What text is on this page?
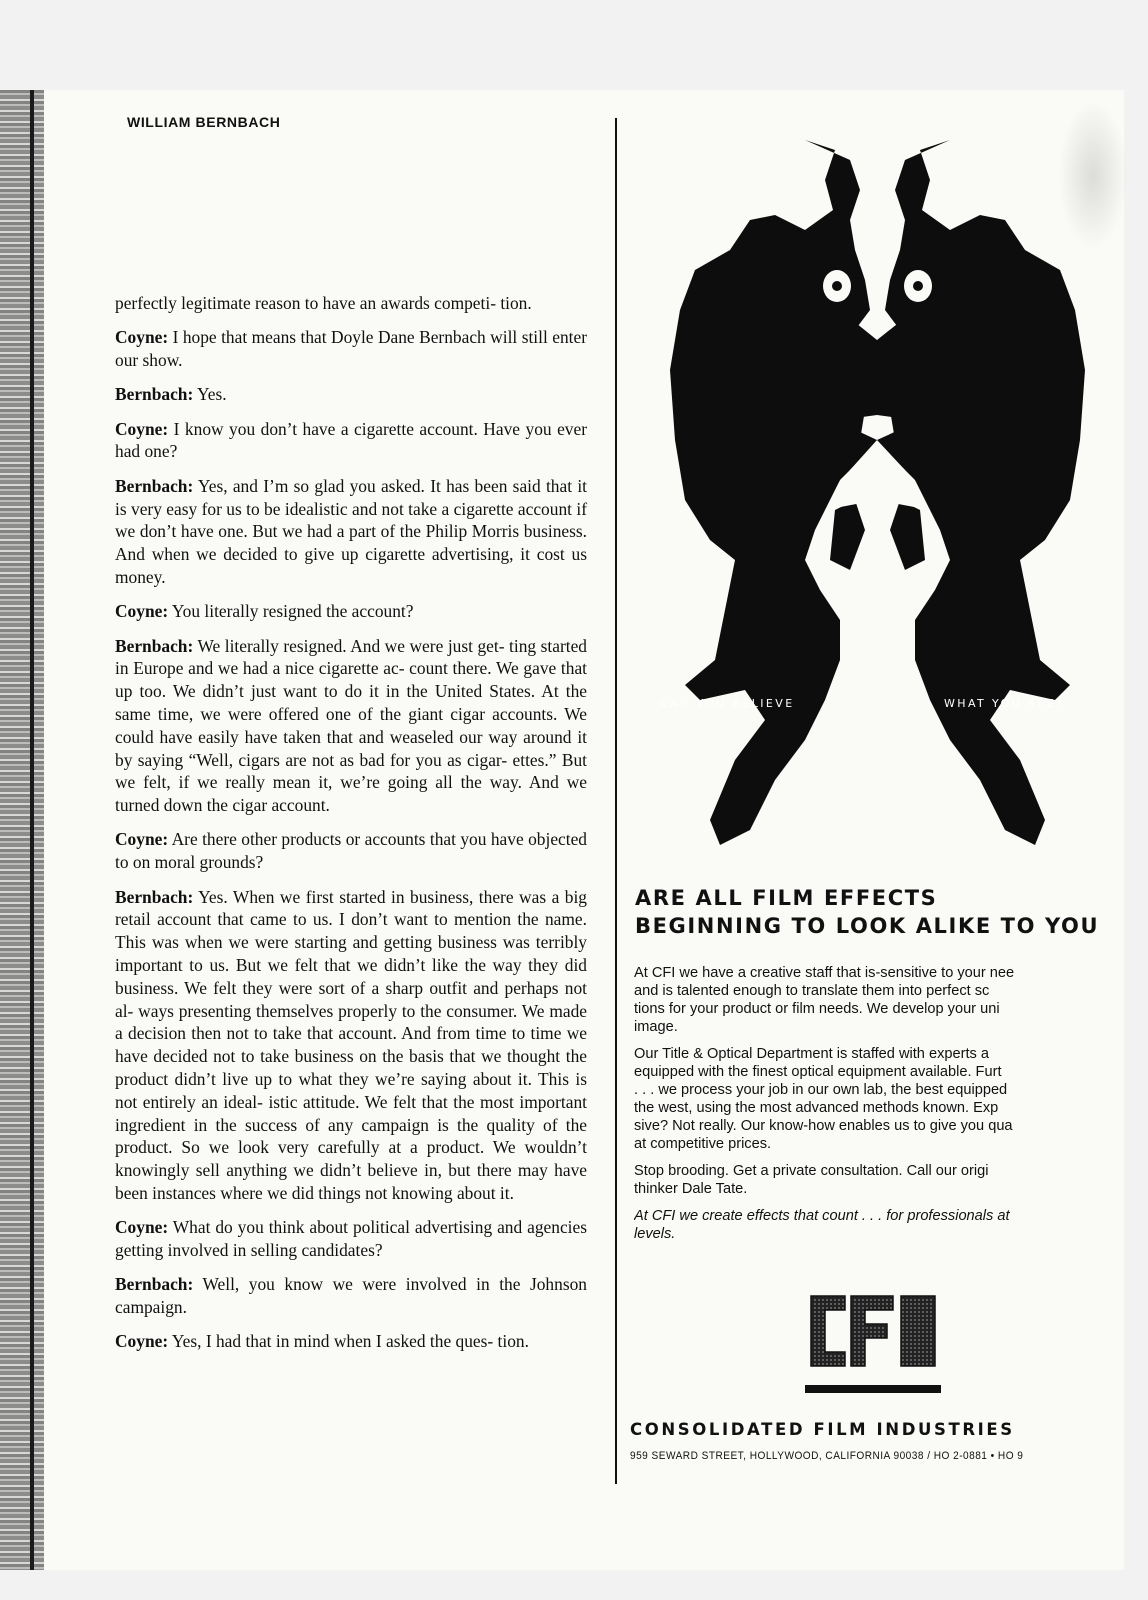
WILLIAM BERNBACH

perfectly legitimate reason to have an awards competi- tion.

Coyne: I hope that means that Doyle Dane Bernbach will still enter our show.

Bernbach: Yes.

Coyne: I know you don’t have a cigarette account. Have you ever had one?

Bernbach: Yes, and I’m so glad you asked. It has been said that it is very easy for us to be idealistic and not take a cigarette account if we don’t have one. But we had a part of the Philip Morris business. And when we decided to give up cigarette advertising, it cost us money.

Coyne: You literally resigned the account?

Bernbach: We literally resigned. And we were just get- ting started in Europe and we had a nice cigarette ac- count there. We gave that up too. We didn’t just want to do it in the United States. At the same time, we were offered one of the giant cigar accounts. We could have easily have taken that and weaseled our way around it by saying “Well, cigars are not as bad for you as cigar- ettes.” But we felt, if we really mean it, we’re going all the way. And we turned down the cigar account.

Coyne: Are there other products or accounts that you have objected to on moral grounds?

Bernbach: Yes. When we first started in business, there was a big retail account that came to us. I don’t want to mention the name. This was when we were starting and getting business was terribly important to us. But we felt that we didn’t like the way they did business. We felt they were sort of a sharp outfit and perhaps not al- ways presenting themselves properly to the consumer. We made a decision then not to take that account. And from time to time we have decided not to take business on the basis that we thought the product didn’t live up to what they we’re saying about it. This is not entirely an ideal- istic attitude. We felt that the most important ingredient in the success of any campaign is the quality of the product. So we look very carefully at a product. We wouldn’t knowingly sell anything we didn’t believe in, but there may have been instances where we did things not knowing about it.

Coyne: What do you think about political advertising and agencies getting involved in selling candidates?

Bernbach: Well, you know we were involved in the Johnson campaign.

Coyne: Yes, I had that in mind when I asked the ques- tion.

CAN YOU BELIEVE	WHAT YOU SEE?
ARE ALL FILM EFFECTS
BEGINNING TO LOOK ALIKE TO YOU

At CFI we have a creative staff that is-sensitive to your nee
and is talented enough to translate them into perfect sc
tions for your product or film needs. We develop your uni
image.

Our Title & Optical Department is staffed with experts a
equipped with the finest optical equipment available. Furt
. . . we process your job in our own lab, the best equipped
the west, using the most advanced methods known. Exp
sive? Not really. Our know-how enables us to give you qua
at competitive prices.

Stop brooding. Get a private consultation. Call our origi
thinker Dale Tate.

At CFI we create effects that count . . . for professionals at
levels.

CONSOLIDATED FILM INDUSTRIES
959 SEWARD STREET, HOLLYWOOD, CALIFORNIA 90038 / HO 2-0881 • HO 9
